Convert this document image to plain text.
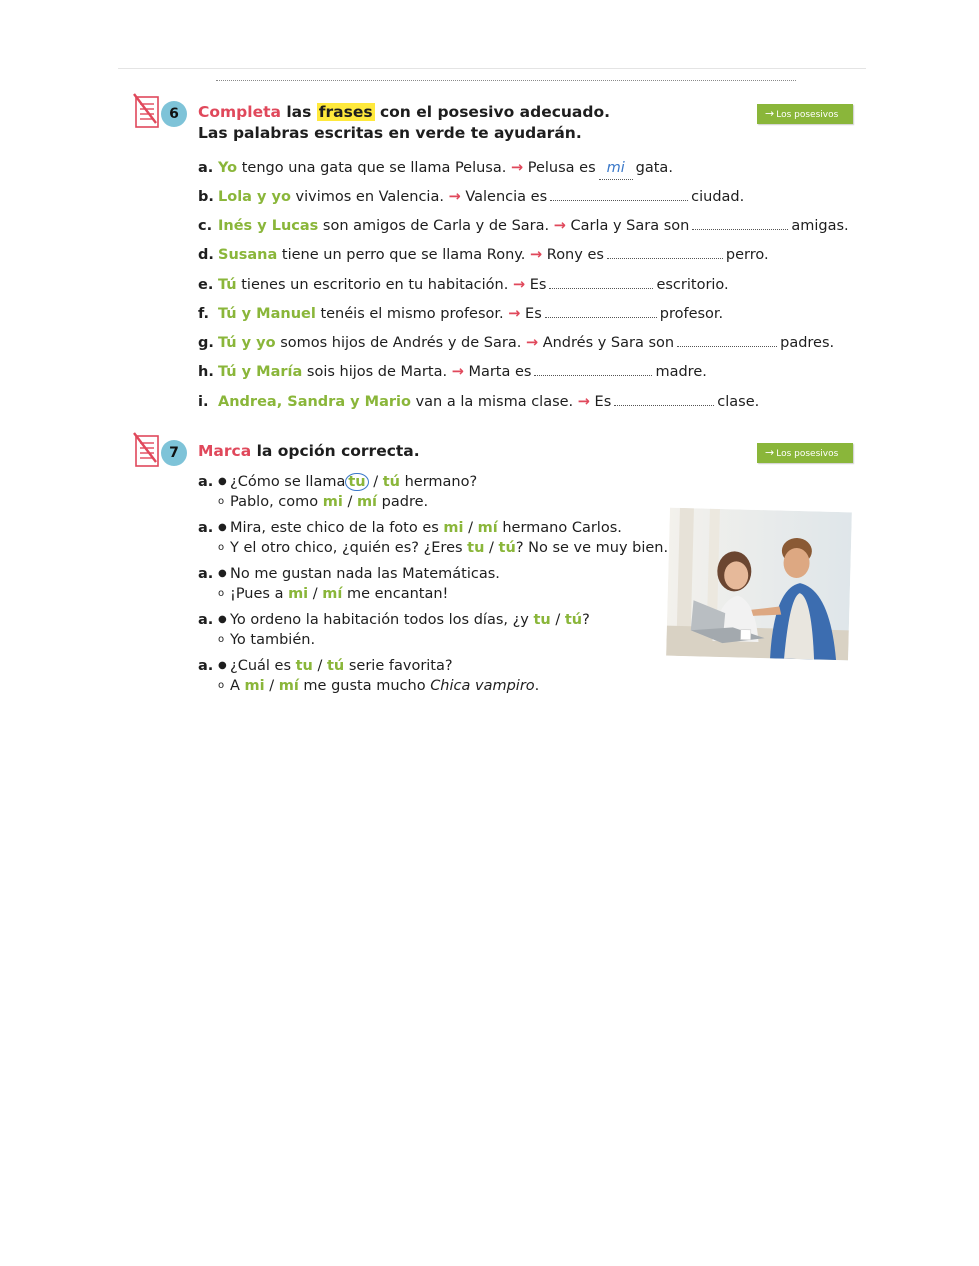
6	Completa las frases con el posesivo adecuado.
Las palabras escritas en verde te ayudarán.
→ Los posesivos
a. Yo tengo una gata que se llama Pelusa. → Pelusa es mi gata.
b. Lola y yo vivimos en Valencia. → Valencia es	ciudad.
c. Inés y Lucas son amigos de Carla y de Sara. → Carla y Sara son	amigas.
d. Susana tiene un perro que se llama Rony. → Rony es	perro.
e. Tú tienes un escritorio en tu habitación. → Es	escritorio.
f. Tú y Manuel tenéis el mismo profesor. → Es	profesor.
g. Tú y yo somos hijos de Andrés y de Sara. → Andrés y Sara son	padres.
h. Tú y María sois hijos de Marta. → Marta es	madre.
i. Andrea, Sandra y Mario van a la misma clase. → Es	clase.
7	Marca la opción correcta.	→ Los posesivos
a. ● ¿Cómo se llama tu / tú hermano?
o Pablo, como mi / mí padre.
a. ● Mira, este chico de la foto es mi / mí hermano Carlos.
o Y el otro chico, ¿quién es? ¿Eres tu / tú? No se ve muy bien.
a. ● No me gustan nada las Matemáticas.
o ¡Pues a mi / mí me encantan!
a. ● Yo ordeno la habitación todos los días, ¿y tu / tú?
o Yo también.
a. ● ¿Cuál es tu / tú serie favorita?
o A mi / mí me gusta mucho Chica vampiro.
